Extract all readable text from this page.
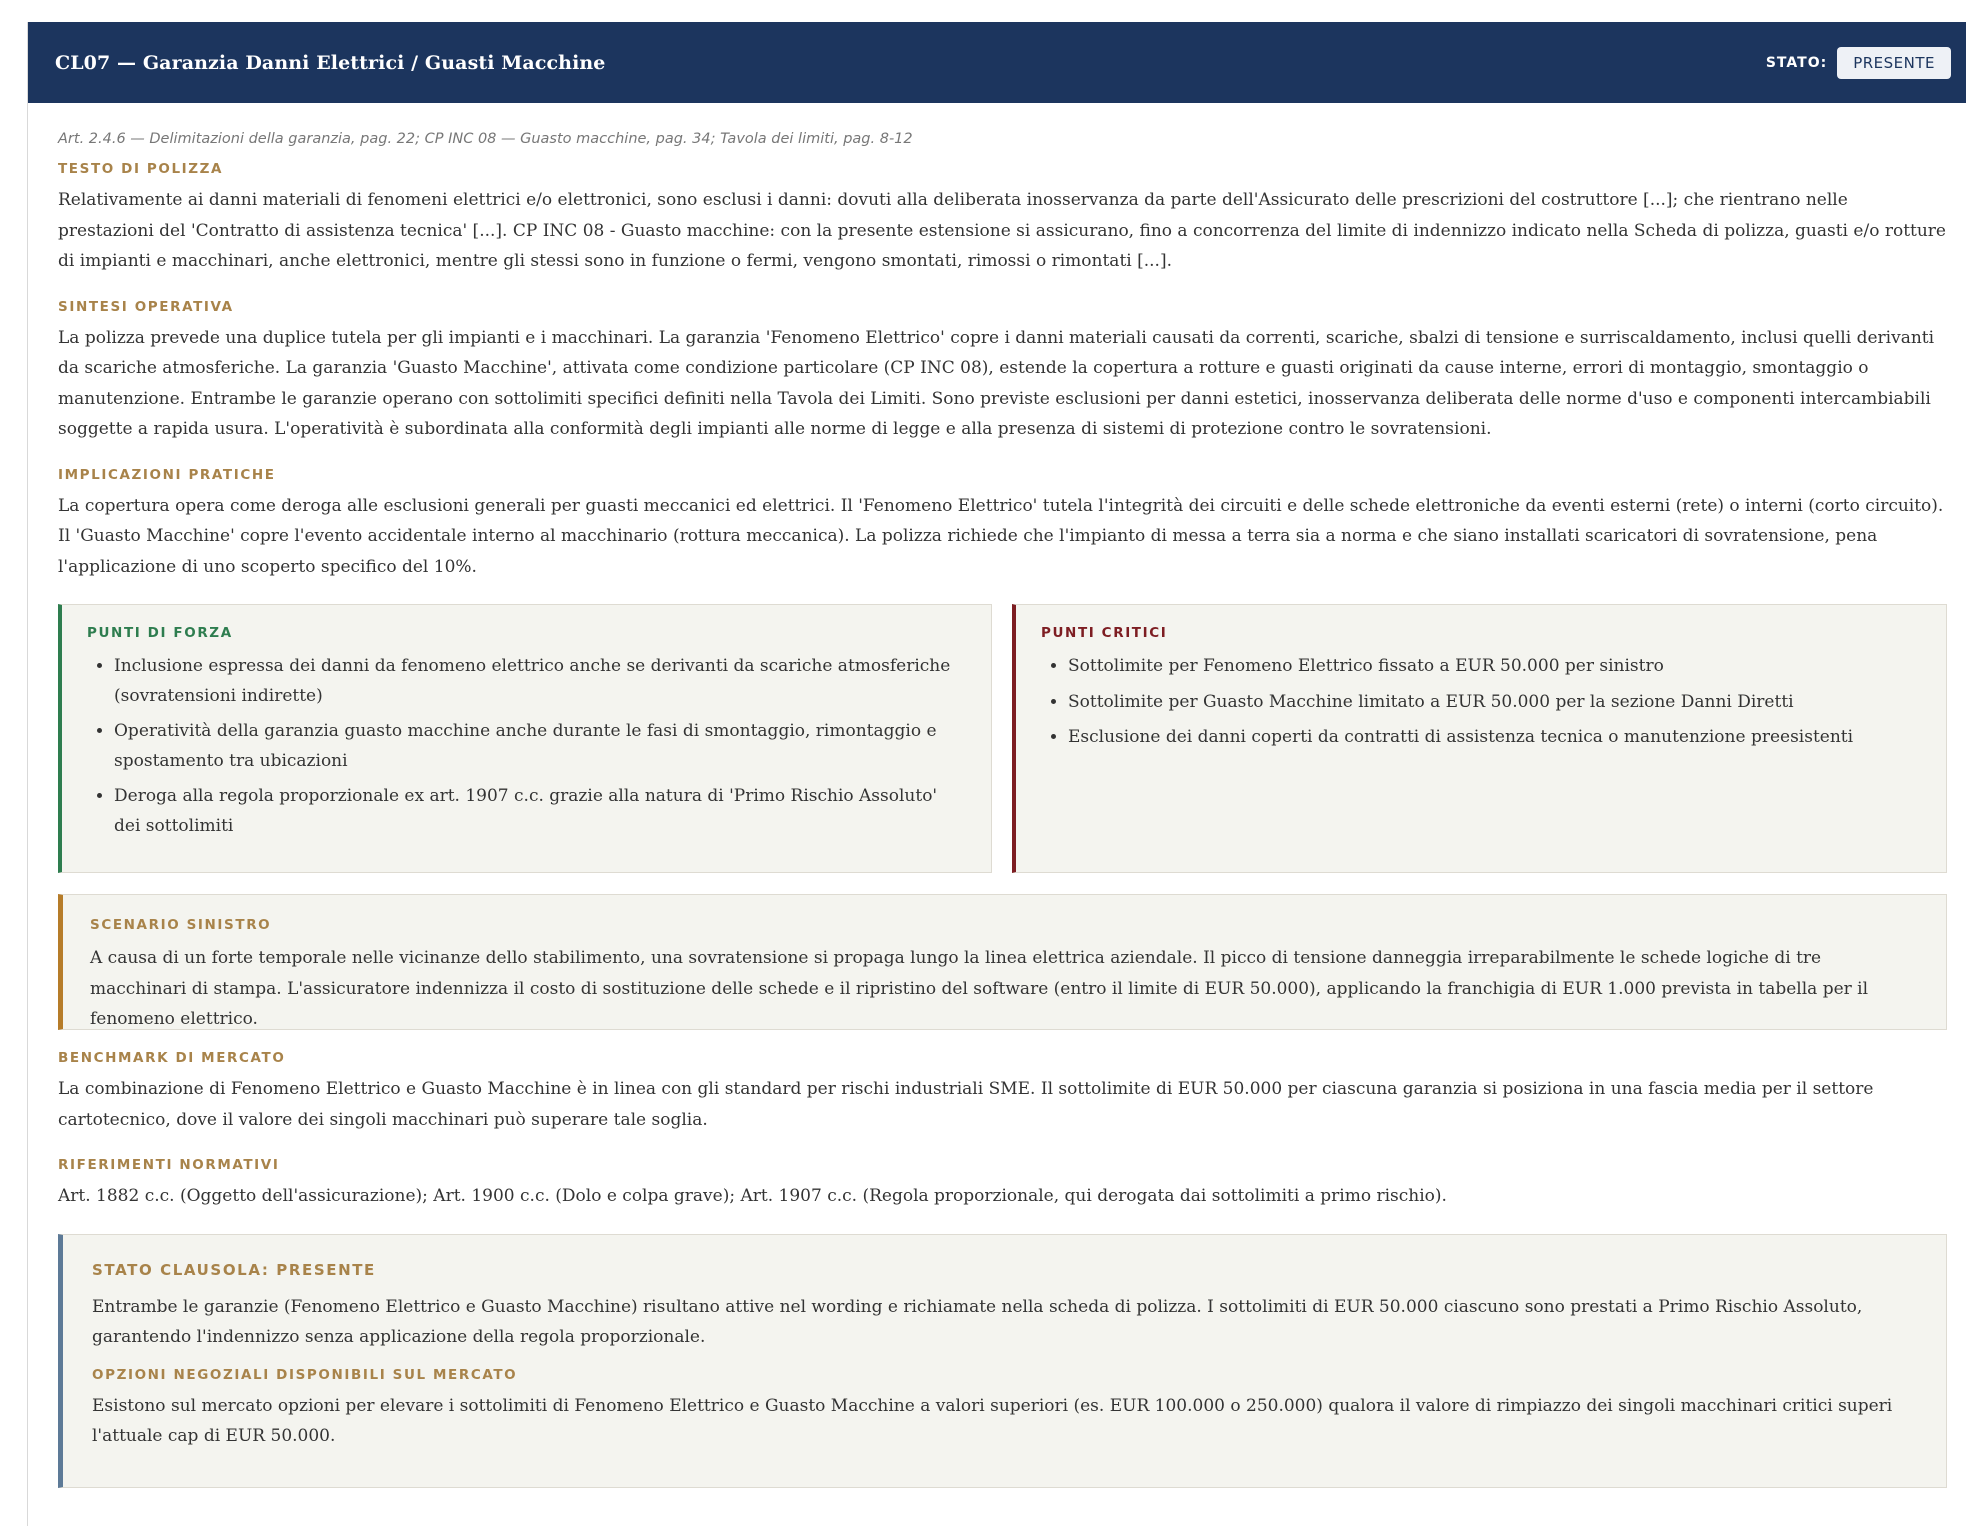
CL07 — Garanzia Danni Elettrici / Guasti Macchine	STATO:	PRESENTE
Art. 2.4.6 — Delimitazioni della garanzia, pag. 22; CP INC 08 — Guasto macchine, pag. 34; Tavola dei limiti, pag. 8-12
TESTO DI POLIZZA

Relativamente ai danni materiali di fenomeni elettrici e/o elettronici, sono esclusi i danni: dovuti alla deliberata inosservanza da parte dell'Assicurato delle prescrizioni del costruttore [...]; che rientrano nelle prestazioni del 'Contratto di assistenza tecnica' [...]. CP INC 08 - Guasto macchine: con la presente estensione si assicurano, fino a concorrenza del limite di indennizzo indicato nella Scheda di polizza, guasti e/o rotture di impianti e macchinari, anche elettronici, mentre gli stessi sono in funzione o fermi, vengono smontati, rimossi o rimontati [...].

SINTESI OPERATIVA

La polizza prevede una duplice tutela per gli impianti e i macchinari. La garanzia 'Fenomeno Elettrico' copre i danni materiali causati da correnti, scariche, sbalzi di tensione e surriscaldamento, inclusi quelli derivanti da scariche atmosferiche. La garanzia 'Guasto Macchine', attivata come condizione particolare (CP INC 08), estende la copertura a rotture e guasti originati da cause interne, errori di montaggio, smontaggio o manutenzione. Entrambe le garanzie operano con sottolimiti specifici definiti nella Tavola dei Limiti. Sono previste esclusioni per danni estetici, inosservanza deliberata delle norme d'uso e componenti intercambiabili soggette a rapida usura. L'operatività è subordinata alla conformità degli impianti alle norme di legge e alla presenza di sistemi di protezione contro le sovratensioni.

IMPLICAZIONI PRATICHE

La copertura opera come deroga alle esclusioni generali per guasti meccanici ed elettrici. Il 'Fenomeno Elettrico' tutela l'integrità dei circuiti e delle schede elettroniche da eventi esterni (rete) o interni (corto circuito). Il 'Guasto Macchine' copre l'evento accidentale interno al macchinario (rottura meccanica). La polizza richiede che l'impianto di messa a terra sia a norma e che siano installati scaricatori di sovratensione, pena l'applicazione di uno scoperto specifico del 10%.

PUNTI DI FORZA
• Inclusione espressa dei danni da fenomeno elettrico anche se derivanti da scariche atmosferiche (sovratensioni indirette)
• Operatività della garanzia guasto macchine anche durante le fasi di smontaggio, rimontaggio e spostamento tra ubicazioni
• Deroga alla regola proporzionale ex art. 1907 c.c. grazie alla natura di 'Primo Rischio Assoluto' dei sottolimiti
PUNTI CRITICI
• Sottolimite per Fenomeno Elettrico fissato a EUR 50.000 per sinistro
• Sottolimite per Guasto Macchine limitato a EUR 50.000 per la sezione Danni Diretti
• Esclusione dei danni coperti da contratti di assistenza tecnica o manutenzione preesistenti
SCENARIO SINISTRO

A causa di un forte temporale nelle vicinanze dello stabilimento, una sovratensione si propaga lungo la linea elettrica aziendale. Il picco di tensione danneggia irreparabilmente le schede logiche di tre macchinari di stampa. L'assicuratore indennizza il costo di sostituzione delle schede e il ripristino del software (entro il limite di EUR 50.000), applicando la franchigia di EUR 1.000 prevista in tabella per il fenomeno elettrico.

BENCHMARK DI MERCATO

La combinazione di Fenomeno Elettrico e Guasto Macchine è in linea con gli standard per rischi industriali SME. Il sottolimite di EUR 50.000 per ciascuna garanzia si posiziona in una fascia media per il settore cartotecnico, dove il valore dei singoli macchinari può superare tale soglia.

RIFERIMENTI NORMATIVI

Art. 1882 c.c. (Oggetto dell'assicurazione); Art. 1900 c.c. (Dolo e colpa grave); Art. 1907 c.c. (Regola proporzionale, qui derogata dai sottolimiti a primo rischio).

STATO CLAUSOLA: PRESENTE

Entrambe le garanzie (Fenomeno Elettrico e Guasto Macchine) risultano attive nel wording e richiamate nella scheda di polizza. I sottolimiti di EUR 50.000 ciascuno sono prestati a Primo Rischio Assoluto, garantendo l'indennizzo senza applicazione della regola proporzionale.

OPZIONI NEGOZIALI DISPONIBILI SUL MERCATO

Esistono sul mercato opzioni per elevare i sottolimiti di Fenomeno Elettrico e Guasto Macchine a valori superiori (es. EUR 100.000 o 250.000) qualora il valore di rimpiazzo dei singoli macchinari critici superi l'attuale cap di EUR 50.000.
